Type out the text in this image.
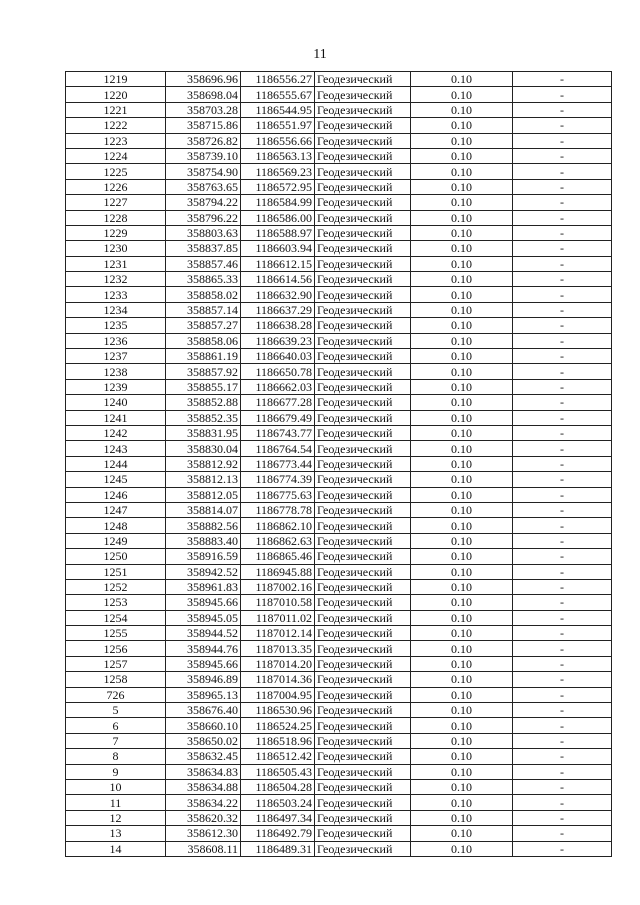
11
1219	358696.96	1186556.27	Геодезический	0.10	-
1220	358698.04	1186555.67	Геодезический	0.10	-
1221	358703.28	1186544.95	Геодезический	0.10	-
1222	358715.86	1186551.97	Геодезический	0.10	-
1223	358726.82	1186556.66	Геодезический	0.10	-
1224	358739.10	1186563.13	Геодезический	0.10	-
1225	358754.90	1186569.23	Геодезический	0.10	-
1226	358763.65	1186572.95	Геодезический	0.10	-
1227	358794.22	1186584.99	Геодезический	0.10	-
1228	358796.22	1186586.00	Геодезический	0.10	-
1229	358803.63	1186588.97	Геодезический	0.10	-
1230	358837.85	1186603.94	Геодезический	0.10	-
1231	358857.46	1186612.15	Геодезический	0.10	-
1232	358865.33	1186614.56	Геодезический	0.10	-
1233	358858.02	1186632.90	Геодезический	0.10	-
1234	358857.14	1186637.29	Геодезический	0.10	-
1235	358857.27	1186638.28	Геодезический	0.10	-
1236	358858.06	1186639.23	Геодезический	0.10	-
1237	358861.19	1186640.03	Геодезический	0.10	-
1238	358857.92	1186650.78	Геодезический	0.10	-
1239	358855.17	1186662.03	Геодезический	0.10	-
1240	358852.88	1186677.28	Геодезический	0.10	-
1241	358852.35	1186679.49	Геодезический	0.10	-
1242	358831.95	1186743.77	Геодезический	0.10	-
1243	358830.04	1186764.54	Геодезический	0.10	-
1244	358812.92	1186773.44	Геодезический	0.10	-
1245	358812.13	1186774.39	Геодезический	0.10	-
1246	358812.05	1186775.63	Геодезический	0.10	-
1247	358814.07	1186778.78	Геодезический	0.10	-
1248	358882.56	1186862.10	Геодезический	0.10	-
1249	358883.40	1186862.63	Геодезический	0.10	-
1250	358916.59	1186865.46	Геодезический	0.10	-
1251	358942.52	1186945.88	Геодезический	0.10	-
1252	358961.83	1187002.16	Геодезический	0.10	-
1253	358945.66	1187010.58	Геодезический	0.10	-
1254	358945.05	1187011.02	Геодезический	0.10	-
1255	358944.52	1187012.14	Геодезический	0.10	-
1256	358944.76	1187013.35	Геодезический	0.10	-
1257	358945.66	1187014.20	Геодезический	0.10	-
1258	358946.89	1187014.36	Геодезический	0.10	-
726	358965.13	1187004.95	Геодезический	0.10	-
5	358676.40	1186530.96	Геодезический	0.10	-
6	358660.10	1186524.25	Геодезический	0.10	-
7	358650.02	1186518.96	Геодезический	0.10	-
8	358632.45	1186512.42	Геодезический	0.10	-
9	358634.83	1186505.43	Геодезический	0.10	-
10	358634.88	1186504.28	Геодезический	0.10	-
11	358634.22	1186503.24	Геодезический	0.10	-
12	358620.32	1186497.34	Геодезический	0.10	-
13	358612.30	1186492.79	Геодезический	0.10	-
14	358608.11	1186489.31	Геодезический	0.10	-
